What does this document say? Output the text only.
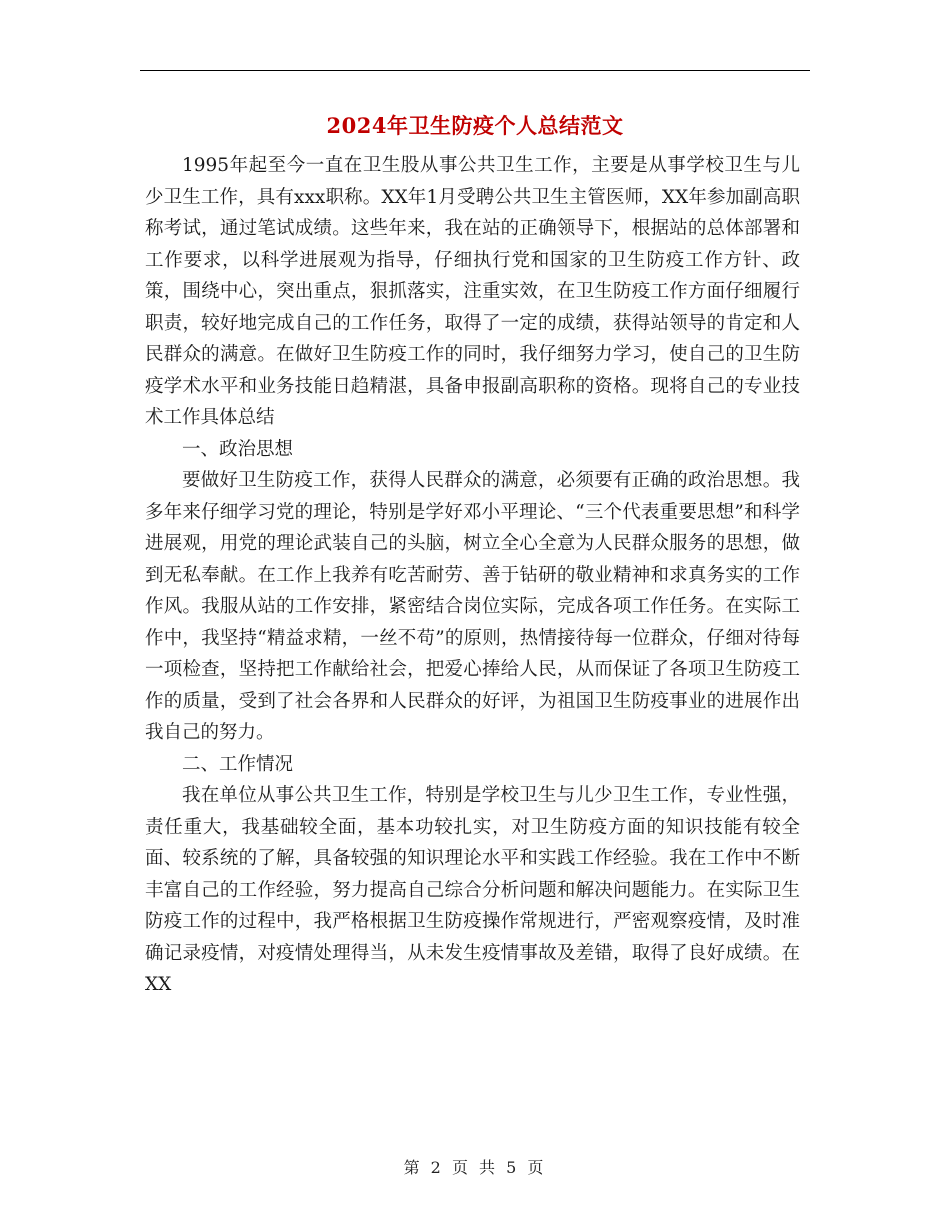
2024年卫生防疫个人总结范文

1995年起至今一直在卫生股从事公共卫生工作，主要是从事学校卫生与儿少卫生工作，具有xxx职称。XX年1月受聘公共卫生主管医师，XX年参加副高职称考试，通过笔试成绩。这些年来，我在站的正确领导下，根据站的总体部署和工作要求，以科学进展观为指导，仔细执行党和国家的卫生防疫工作方针、政策，围绕中心，突出重点，狠抓落实，注重实效，在卫生防疫工作方面仔细履行职责，较好地完成自己的工作任务，取得了一定的成绩，获得站领导的肯定和人民群众的满意。在做好卫生防疫工作的同时，我仔细努力学习，使自己的卫生防疫学术水平和业务技能日趋精湛，具备申报副高职称的资格。现将自己的专业技术工作具体总结

一、政治思想

要做好卫生防疫工作，获得人民群众的满意，必须要有正确的政治思想。我多年来仔细学习党的理论，特别是学好邓小平理论、“三个代表重要思想”和科学进展观，用党的理论武装自己的头脑，树立全心全意为人民群众服务的思想，做到无私奉献。在工作上我养有吃苦耐劳、善于钻研的敬业精神和求真务实的工作作风。我服从站的工作安排，紧密结合岗位实际，完成各项工作任务。在实际工作中，我坚持“精益求精，一丝不苟”的原则，热情接待每一位群众，仔细对待每一项检查，坚持把工作献给社会，把爱心捧给人民，从而保证了各项卫生防疫工作的质量，受到了社会各界和人民群众的好评，为祖国卫生防疫事业的进展作出我自己的努力。

二、工作情况

我在单位从事公共卫生工作，特别是学校卫生与儿少卫生工作，专业性强，责任重大，我基础较全面，基本功较扎实，对卫生防疫方面的知识技能有较全面、较系统的了解，具备较强的知识理论水平和实践工作经验。我在工作中不断丰富自己的工作经验，努力提高自己综合分析问题和解决问题能力。在实际卫生防疫工作的过程中，我严格根据卫生防疫操作常规进行，严密观察疫情，及时准确记录疫情，对疫情处理得当，从未发生疫情事故及差错，取得了良好成绩。在XX

第 2 页 共 5 页
